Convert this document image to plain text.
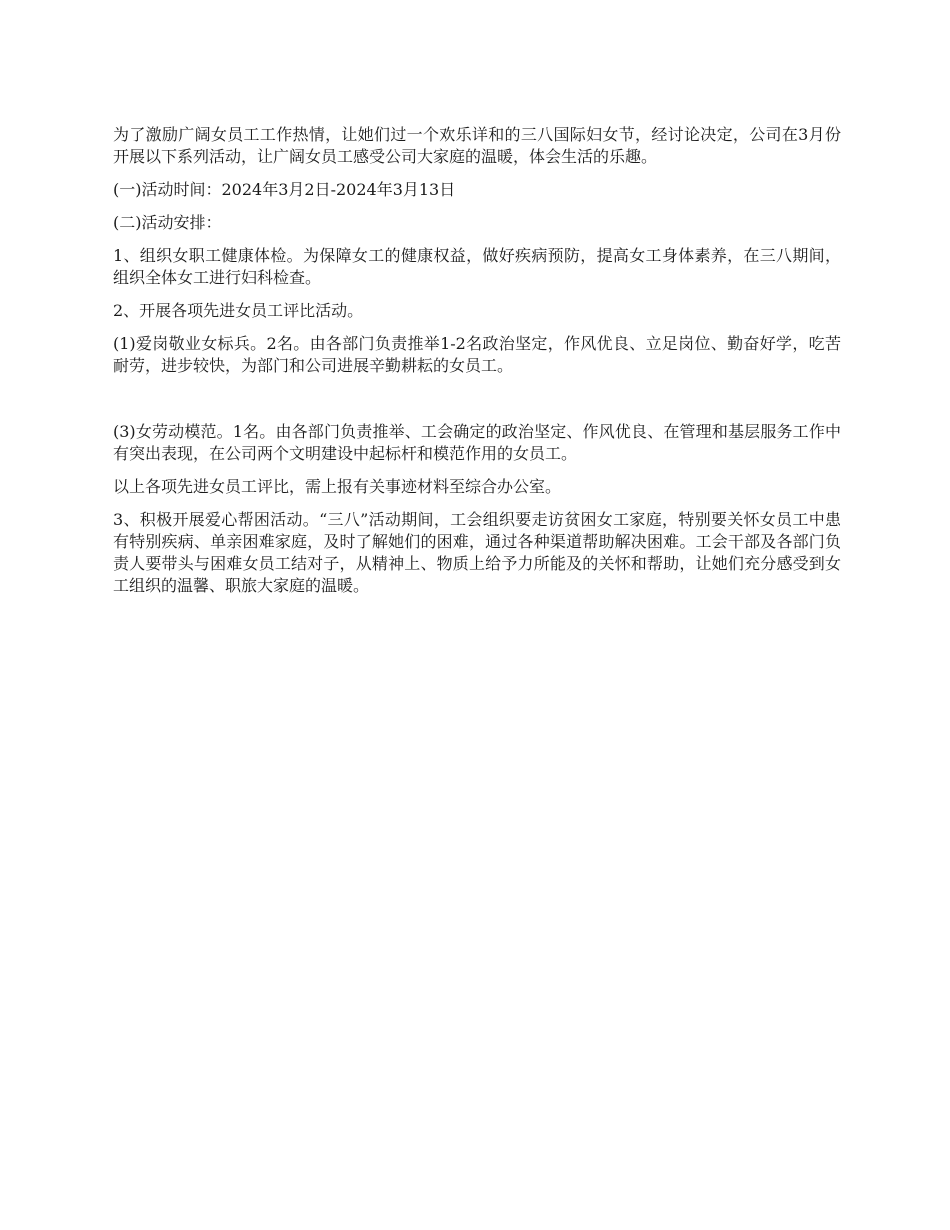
为了激励广阔女员工工作热情，让她们过一个欢乐详和的三八国际妇女节，经讨论决定，公司在3月份开展以下系列活动，让广阔女员工感受公司大家庭的温暖，体会生活的乐趣。

(一)活动时间：2024年3月2日-2024年3月13日

(二)活动安排：

1、组织女职工健康体检。为保障女工的健康权益，做好疾病预防，提高女工身体素养，在三八期间，组织全体女工进行妇科检查。

2、开展各项先进女员工评比活动。

(1)爱岗敬业女标兵。2名。由各部门负责推举1-2名政治坚定，作风优良、立足岗位、勤奋好学，吃苦耐劳，进步较快，为部门和公司进展辛勤耕耘的女员工。

(3)女劳动模范。1名。由各部门负责推举、工会确定的政治坚定、作风优良、在管理和基层服务工作中有突出表现，在公司两个文明建设中起标杆和模范作用的女员工。

以上各项先进女员工评比，需上报有关事迹材料至综合办公室。

3、积极开展爱心帮困活动。“三八”活动期间，工会组织要走访贫困女工家庭，特别要关怀女员工中患有特别疾病、单亲困难家庭，及时了解她们的困难，通过各种渠道帮助解决困难。工会干部及各部门负责人要带头与困难女员工结对子，从精神上、物质上给予力所能及的关怀和帮助，让她们充分感受到女工组织的温馨、职旅大家庭的温暖。
